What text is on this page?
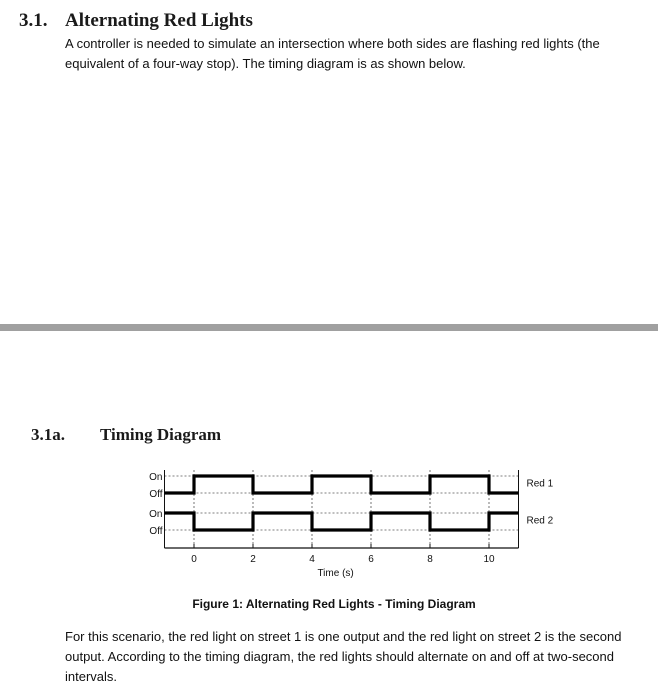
3.1. Alternating Red Lights

A controller is needed to simulate an intersection where both sides are flashing red lights (the equivalent of a four-way stop). The timing diagram is as shown below.

3.1a. Timing Diagram
0	2	4	6	8	10
Time (s)
On
Off
On
Off
Red 1
Red 2
Figure 1: Alternating Red Lights - Timing Diagram

For this scenario, the red light on street 1 is one output and the red light on street 2 is the second output. According to the timing diagram, the red lights should alternate on and off at two-second intervals.
